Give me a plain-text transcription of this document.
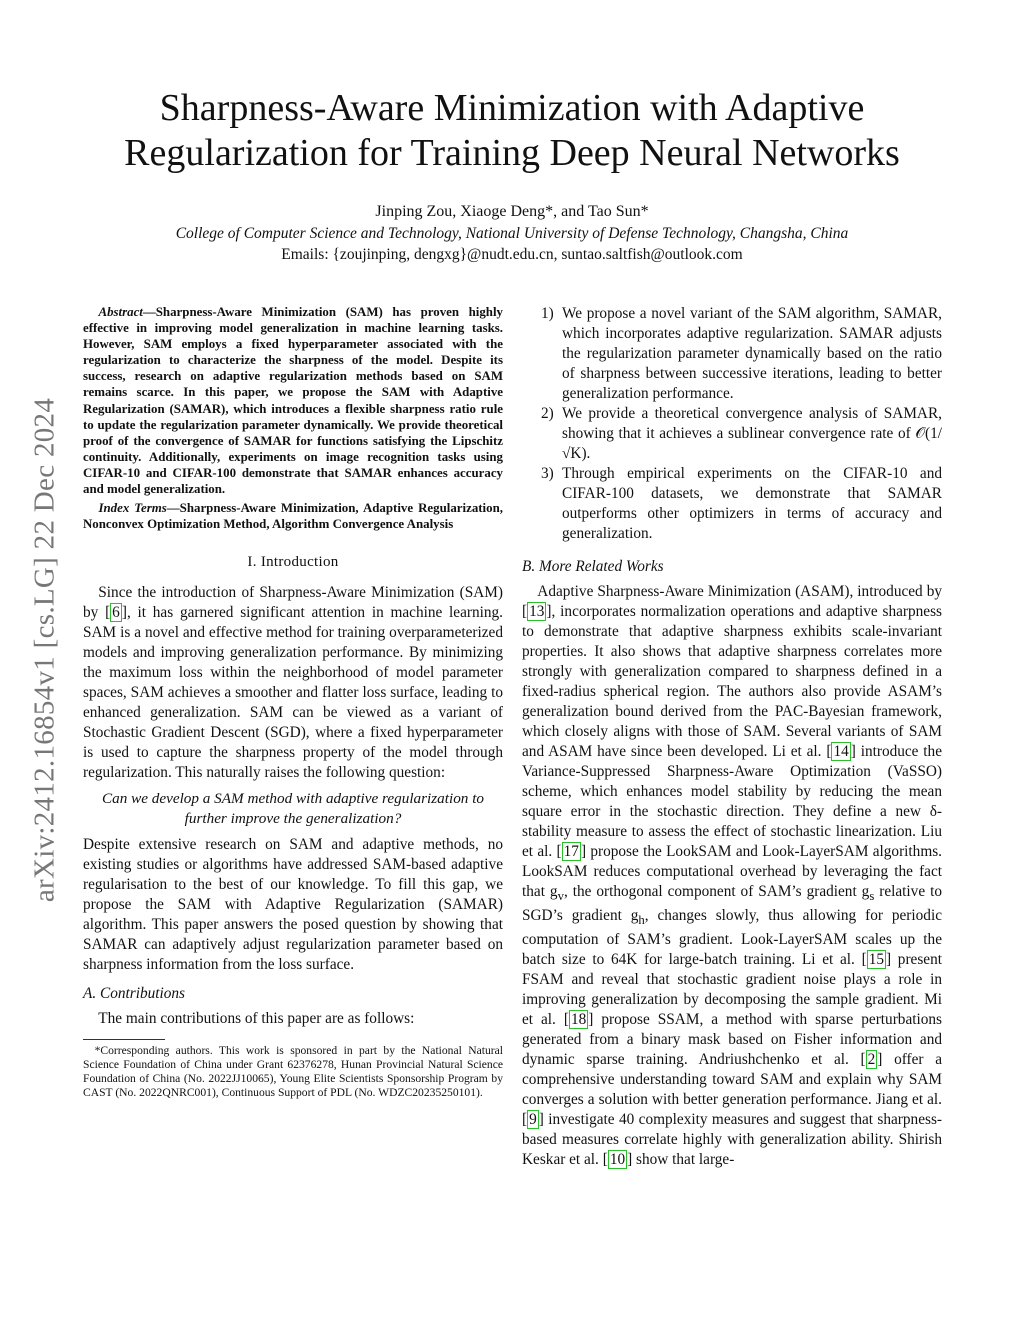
arXiv:2412.16854v1 [cs.LG] 22 Dec 2024
Sharpness-Aware Minimization with Adaptive
Regularization for Training Deep Neural Networks
Jinping Zou, Xiaoge Deng*, and Tao Sun*
College of Computer Science and Technology, National University of Defense Technology, Changsha, China
Emails: {zoujinping, dengxg}@nudt.edu.cn, suntao.saltfish@outlook.com

Abstract—Sharpness-Aware Minimization (SAM) has proven highly effective in improving model generalization in machine learning tasks. However, SAM employs a fixed hyperparameter associated with the regularization to characterize the sharpness of the model. Despite its success, research on adaptive regularization methods based on SAM remains scarce. In this paper, we propose the SAM with Adaptive Regularization (SAMAR), which introduces a flexible sharpness ratio rule to update the regularization parameter dynamically. We provide theoretical proof of the convergence of SAMAR for functions satisfying the Lipschitz continuity. Additionally, experiments on image recognition tasks using CIFAR-10 and CIFAR-100 demonstrate that SAMAR enhances accuracy and model generalization.

Index Terms—Sharpness-Aware Minimization, Adaptive Regularization, Nonconvex Optimization Method, Algorithm Convergence Analysis

I. Introduction

Since the introduction of Sharpness-Aware Minimization (SAM) by [ 6 ], it has garnered significant attention in machine learning. SAM is a novel and effective method for training overparameterized models and improving generalization performance. By minimizing the maximum loss within the neighborhood of model parameter spaces, SAM achieves a smoother and flatter loss surface, leading to enhanced generalization. SAM can be viewed as a variant of Stochastic Gradient Descent (SGD), where a fixed hyperparameter is used to capture the sharpness property of the model through regularization. This naturally raises the following question:

Can we develop a SAM method with adaptive regularization to further improve the generalization?

Despite extensive research on SAM and adaptive methods, no existing studies or algorithms have addressed SAM-based adaptive regularisation to the best of our knowledge. To fill this gap, we propose the SAM with Adaptive Regularization (SAMAR) algorithm. This paper answers the posed question by showing that SAMAR can adaptively adjust regularization parameter based on sharpness information from the loss surface.

A. Contributions

The main contributions of this paper are as follows:

*Corresponding authors. This work is sponsored in part by the National Natural Science Foundation of China under Grant 62376278, Hunan Provincial Natural Science Foundation of China (No. 2022JJ10065), Young Elite Scientists Sponsorship Program by CAST (No. 2022QNRC001), Continuous Support of PDL (No. WDZC20235250101).

1) We propose a novel variant of the SAM algorithm, SAMAR, which incorporates adaptive regularization. SAMAR adjusts the regularization parameter dynamically based on the ratio of sharpness between successive iterations, leading to better generalization performance.
2) We provide a theoretical convergence analysis of SAMAR, showing that it achieves a sublinear convergence rate of 𝒪(1/√K).
3) Through empirical experiments on the CIFAR-10 and CIFAR-100 datasets, we demonstrate that SAMAR outperforms other optimizers in terms of accuracy and generalization.
B. More Related Works

Adaptive Sharpness-Aware Minimization (ASAM), introduced by [ 13 ], incorporates normalization operations and adaptive sharpness to demonstrate that adaptive sharpness exhibits scale-invariant properties. It also shows that adaptive sharpness correlates more strongly with generalization compared to sharpness defined in a fixed-radius spherical region. The authors also provide ASAM’s generalization bound derived from the PAC-Bayesian framework, which closely aligns with those of SAM. Several variants of SAM and ASAM have since been developed. Li et al. [ 14 ] introduce the Variance-Suppressed Sharpness-Aware Optimization (VaSSO) scheme, which enhances model stability by reducing the mean square error in the stochastic direction. They define a new δ-stability measure to assess the effect of stochastic linearization. Liu et al. [ 17 ] propose the LookSAM and Look-LayerSAM algorithms. LookSAM reduces computational overhead by leveraging the fact that $g_v$, the orthogonal component of SAM’s gradient $g_s$ relative to SGD’s gradient $g_h$, changes slowly, thus allowing for periodic computation of SAM’s gradient. Look-LayerSAM scales up the batch size to 64K for large-batch training. Li et al. [ 15 ] present FSAM and reveal that stochastic gradient noise plays a role in improving generalization by decomposing the sample gradient. Mi et al. [ 18 ] propose SSAM, a method with sparse perturbations generated from a binary mask based on Fisher information and dynamic sparse training. Andriushchenko et al. [ 2 ] offer a comprehensive understanding toward SAM and explain why SAM converges a solution with better generation performance. Jiang et al. [ 9 ] investigate 40 complexity measures and suggest that sharpness-based measures correlate highly with generalization ability. Shirish Keskar et al. [ 10 ] show that large-
